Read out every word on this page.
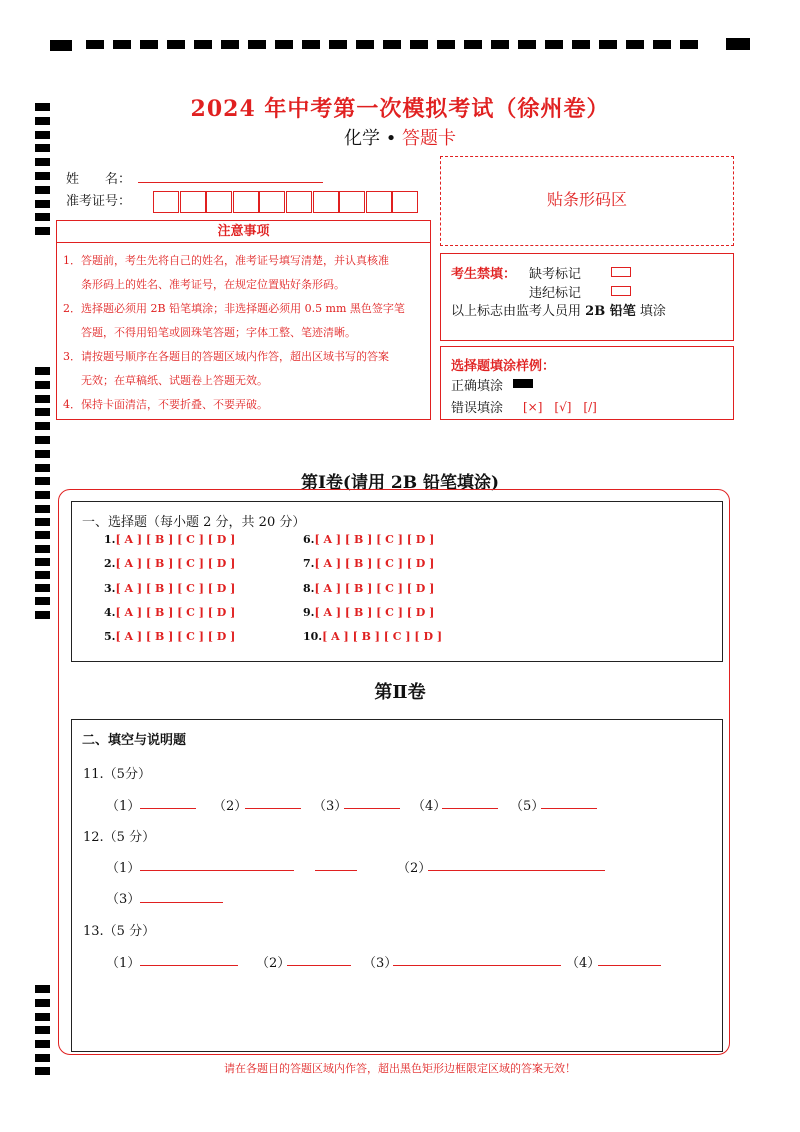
2024 年中考第一次模拟考试（徐州卷）
化学 • 答题卡
姓　　名：
准考证号：	贴条形码区
注意事项
1．答题前，考生先将自己的姓名，准考证号填写清楚，并认真核准
条形码上的姓名、准考证号，在规定位置贴好条形码。
2．选择题必须用 2B 铅笔填涂；非选择题必须用 0.5 mm 黑色签字笔
答题，不得用铅笔或圆珠笔答题；字体工整、笔迹清晰。
3．请按题号顺序在各题目的答题区域内作答，超出区域书写的答案
无效；在草稿纸、试题卷上答题无效。
4．保持卡面清洁，不要折叠、不要弄破。
考生禁填： 缺考标记
违纪标记
以上标志由监考人员用 2B 铅笔 填涂
选择题填涂样例：
正确填涂
错误填涂 [×]　[√]　[/]
第Ⅰ卷(请用 2B 铅笔填涂)
一、选择题（每小题 2 分，共 20 分）
1.[ A ] [ B ] [ C ] [ D ]
2.[ A ] [ B ] [ C ] [ D ]
3.[ A ] [ B ] [ C ] [ D ]
4.[ A ] [ B ] [ C ] [ D ]
5.[ A ] [ B ] [ C ] [ D ]
6.[ A ] [ B ] [ C ] [ D ]
7.[ A ] [ B ] [ C ] [ D ]
8.[ A ] [ B ] [ C ] [ D ]
9.[ A ] [ B ] [ C ] [ D ]
10.[ A ] [ B ] [ C ] [ D ]
第Ⅱ卷
二、填空与说明题
11.（5分）
（1）	（2）	（3）	（4）	（5）
12.（5 分）
（1）	（2）
（3）
13.（5 分）
（1）	（2）	（3）	（4）
请在各题目的答题区域内作答，超出黑色矩形边框限定区域的答案无效！
